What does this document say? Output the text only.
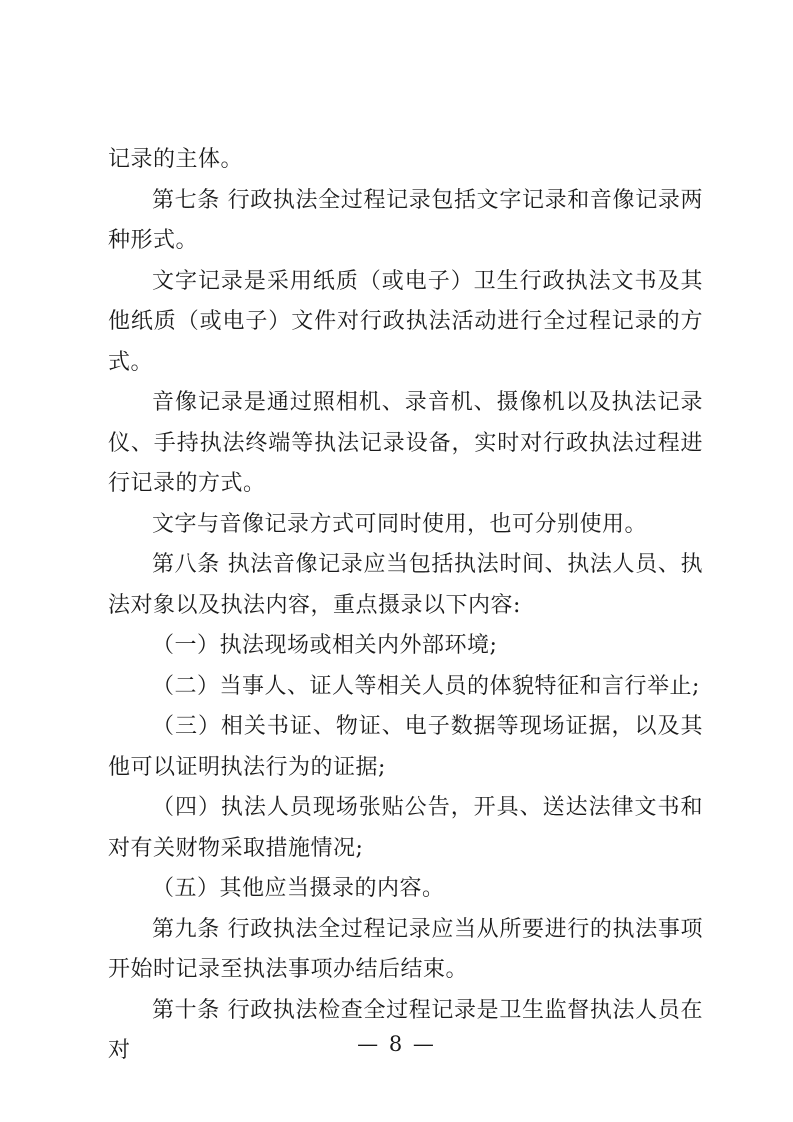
记录的主体。

第七条 行政执法全过程记录包括文字记录和音像记录两种形式。

文字记录是采用纸质（或电子）卫生行政执法文书及其他纸质（或电子）文件对行政执法活动进行全过程记录的方式。

音像记录是通过照相机、录音机、摄像机以及执法记录仪、手持执法终端等执法记录设备，实时对行政执法过程进行记录的方式。

文字与音像记录方式可同时使用，也可分别使用。

第八条 执法音像记录应当包括执法时间、执法人员、执法对象以及执法内容，重点摄录以下内容:

（一）执法现场或相关内外部环境;

（二）当事人、证人等相关人员的体貌特征和言行举止;

（三）相关书证、物证、电子数据等现场证据，以及其他可以证明执法行为的证据;

（四）执法人员现场张贴公告，开具、送达法律文书和对有关财物采取措施情况;

（五）其他应当摄录的内容。

第九条 行政执法全过程记录应当从所要进行的执法事项开始时记录至执法事项办结后结束。

第十条 行政执法检查全过程记录是卫生监督执法人员在对	— 8 —
